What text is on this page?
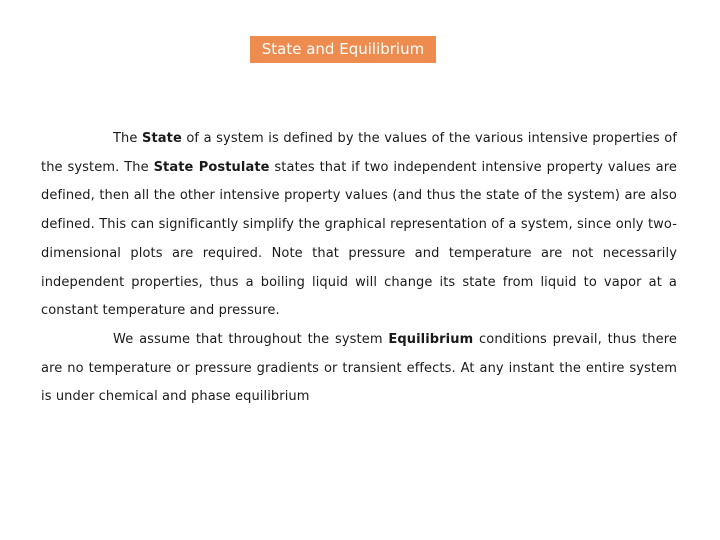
State and Equilibrium

The State of a system is defined by the values of the various intensive properties of the system. The State Postulate states that if two independent intensive property values are defined, then all the other intensive property values (and thus the state of the system) are also defined. This can significantly simplify the graphical representation of a system, since only two-dimensional plots are required. Note that pressure and temperature are not necessarily independent properties, thus a boiling liquid will change its state from liquid to vapor at a constant temperature and pressure.

We assume that throughout the system Equilibrium conditions prevail, thus there are no temperature or pressure gradients or transient effects. At any instant the entire system is under chemical and phase equilibrium
